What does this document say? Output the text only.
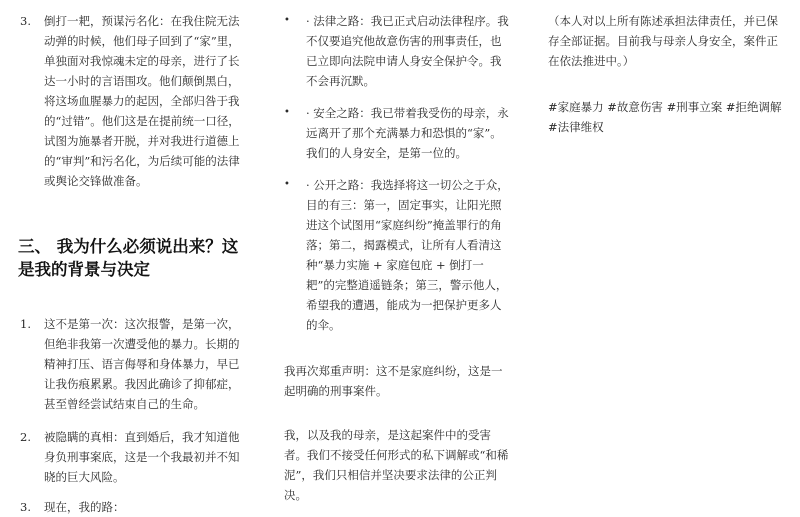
3. 倒打一耙，预谋污名化：在我住院无法动弹的时候，他们母子回到了“家”里，单独面对我惊魂未定的母亲，进行了长达一小时的言语围攻。他们颠倒黑白，将这场血腥暴力的起因，全部归咎于我的“过错”。他们这是在提前统一口径，试图为施暴者开脱，并对我进行道德上的“审判”和污名化，为后续可能的法律或舆论交锋做准备。

三、 我为什么必须说出来？这是我的背景与决定
1. 这不是第一次：这次报警，是第一次，但绝非我第一次遭受他的暴力。长期的精神打压、语言侮辱和身体暴力，早已让我伤痕累累。我因此确诊了抑郁症，甚至曾经尝试结束自己的生命。

2. 被隐瞒的真相：直到婚后，我才知道他身负刑事案底，这是一个我最初并不知晓的巨大风险。

3. 现在，我的路：

• · 法律之路：我已正式启动法律程序。我不仅要追究他故意伤害的刑事责任，也已立即向法院申请人身安全保护令。我不会再沉默。

• · 安全之路：我已带着我受伤的母亲，永远离开了那个充满暴力和恐惧的“家”。我们的人身安全，是第一位的。

• · 公开之路：我选择将这一切公之于众，目的有三：第一，固定事实，让阳光照进这个试图用“家庭纠纷”掩盖罪行的角落；第二，揭露模式，让所有人看清这种“暴力实施 + 家庭包庇 + 倒打一耙”的完整逍遥链条；第三，警示他人，希望我的遭遇，能成为一把保护更多人的伞。

我再次郑重声明：这不是家庭纠纷，这是一起明确的刑事案件。

我，以及我的母亲，是这起案件中的受害者。我们不接受任何形式的私下调解或“和稀泥”，我们只相信并坚决要求法律的公正判决。

（本人对以上所有陈述承担法律责任，并已保存全部证据。目前我与母亲人身安全，案件正在依法推进中。）

#家庭暴力 #故意伤害 #刑事立案 #拒绝调解 #法律维权
